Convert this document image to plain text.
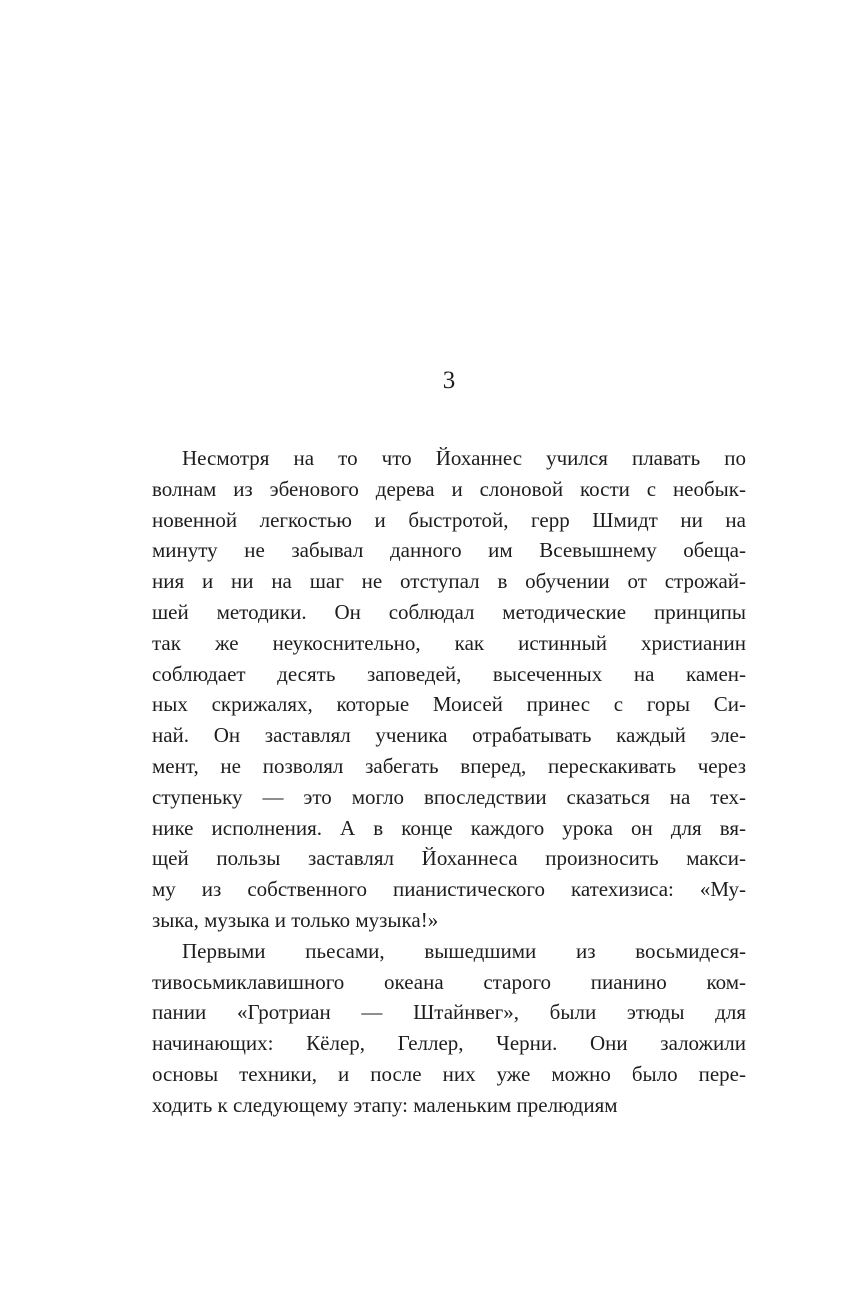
3
Несмотря на то что Йоханнес учился плавать по
волнам из эбенового дерева и слоновой кости с необык-
новенной легкостью и быстротой, герр Шмидт ни на
минуту не забывал данного им Всевышнему обеща-
ния и ни на шаг не отступал в обучении от строжай-
шей методики. Он соблюдал методические принципы
так же неукоснительно, как истинный христианин
соблюдает десять заповедей, высеченных на камен-
ных скрижалях, которые Моисей принес с горы Си-
най. Он заставлял ученика отрабатывать каждый эле-
мент, не позволял забегать вперед, перескакивать через
ступеньку — это могло впоследствии сказаться на тех-
нике исполнения. А в конце каждого урока он для вя-
щей пользы заставлял Йоханнеса произносить макси-
му из собственного пианистического катехизиса: «Му-
зыка, музыка и только музыка!»
Первыми пьесами, вышедшими из восьмидеся-
тивосьмиклавишного океана старого пианино ком-
пании «Гротриан — Штайнвег», были этюды для
начинающих: Кёлер, Геллер, Черни. Они заложили
основы техники, и после них уже можно было пере-
ходить к следующему этапу: маленьким прелюдиям
